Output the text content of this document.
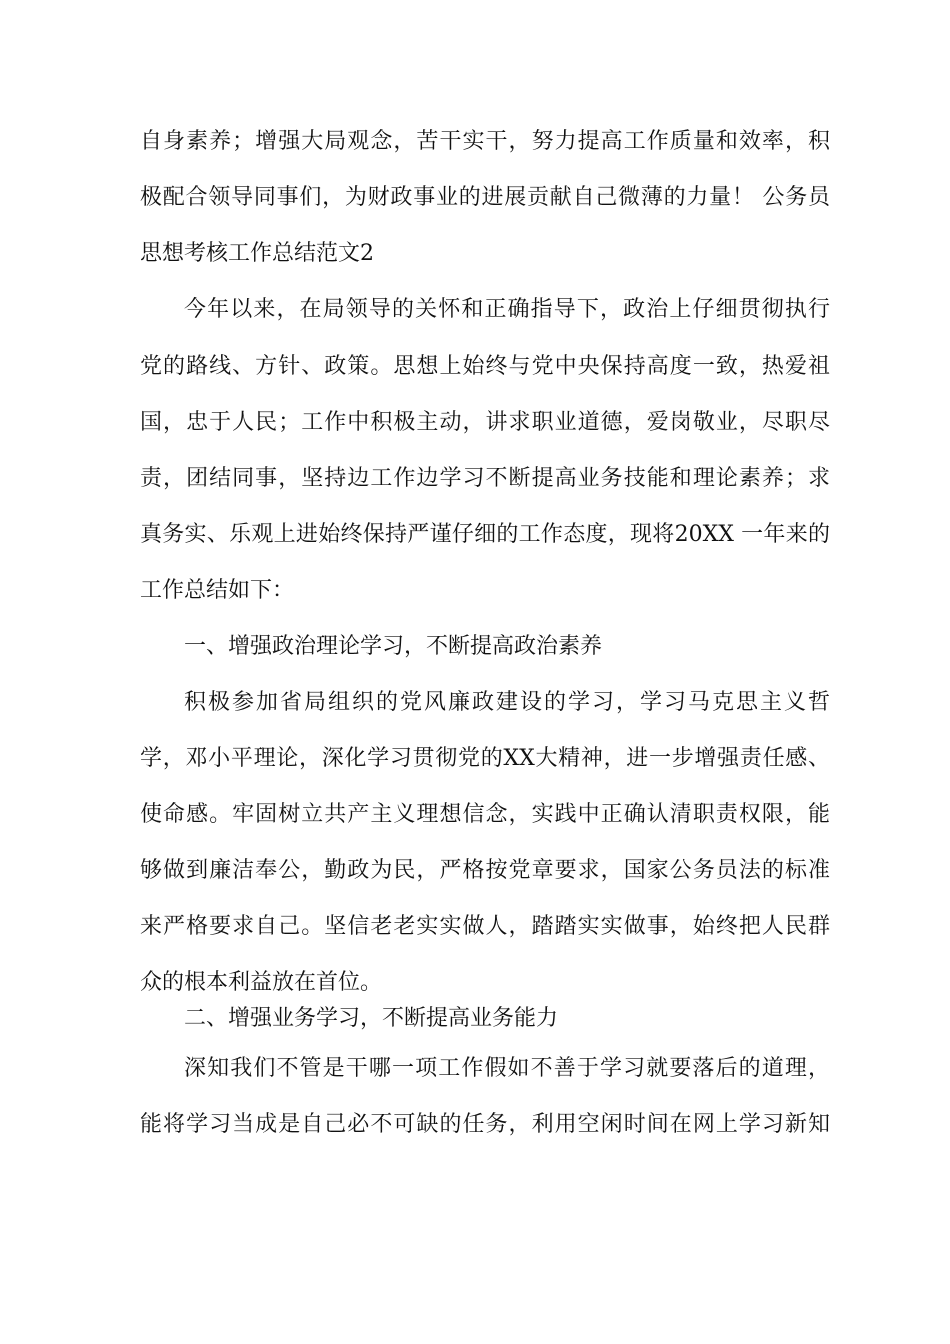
自身素养；增强大局观念，苦干实干，努力提高工作质量和效率，积
极配合领导同事们，为财政事业的进展贡献自己微薄的力量！ 公务员
思想考核工作总结范文2
今年以来，在局领导的关怀和正确指导下，政治上仔细贯彻执行
党的路线、方针、政策。思想上始终与党中央保持高度一致，热爱祖
国，忠于人民；工作中积极主动，讲求职业道德，爱岗敬业，尽职尽
责，团结同事，坚持边工作边学习不断提高业务技能和理论素养；求
真务实、乐观上进始终保持严谨仔细的工作态度，现将20XX 一年来的
工作总结如下：
一、增强政治理论学习，不断提高政治素养
积极参加省局组织的党风廉政建设的学习，学习马克思主义哲
学，邓小平理论，深化学习贯彻党的XX大精神，进一步增强责任感、
使命感。牢固树立共产主义理想信念，实践中正确认清职责权限，能
够做到廉洁奉公，勤政为民，严格按党章要求，国家公务员法的标准
来严格要求自己。坚信老老实实做人，踏踏实实做事，始终把人民群
众的根本利益放在首位。
二、增强业务学习，不断提高业务能力
深知我们不管是干哪一项工作假如不善于学习就要落后的道理，
能将学习当成是自己必不可缺的任务，利用空闲时间在网上学习新知
